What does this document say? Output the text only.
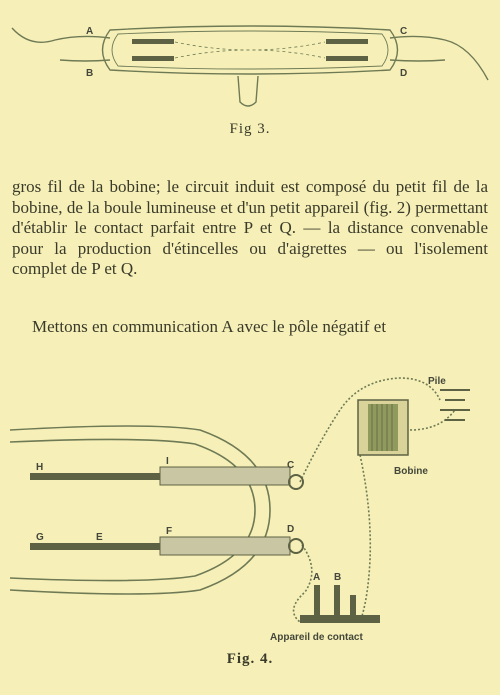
A
B
C
D
Fig 3.
gros fil de la bobine; le circuit induit est composé du petit fil de la bobine, de la boule lumineuse et d'un petit appareil (fig. 2) permettant d'établir le contact parfait entre P et Q. — la distance convenable pour la production d'étincelles ou d'aigrettes — ou l'isolement complet de P et Q.
Mettons en communication A avec le pôle négatif et
H
I	C
G	E
F	D
Pile
Bobine
A B
Appareil de contact
Fig. 4.
